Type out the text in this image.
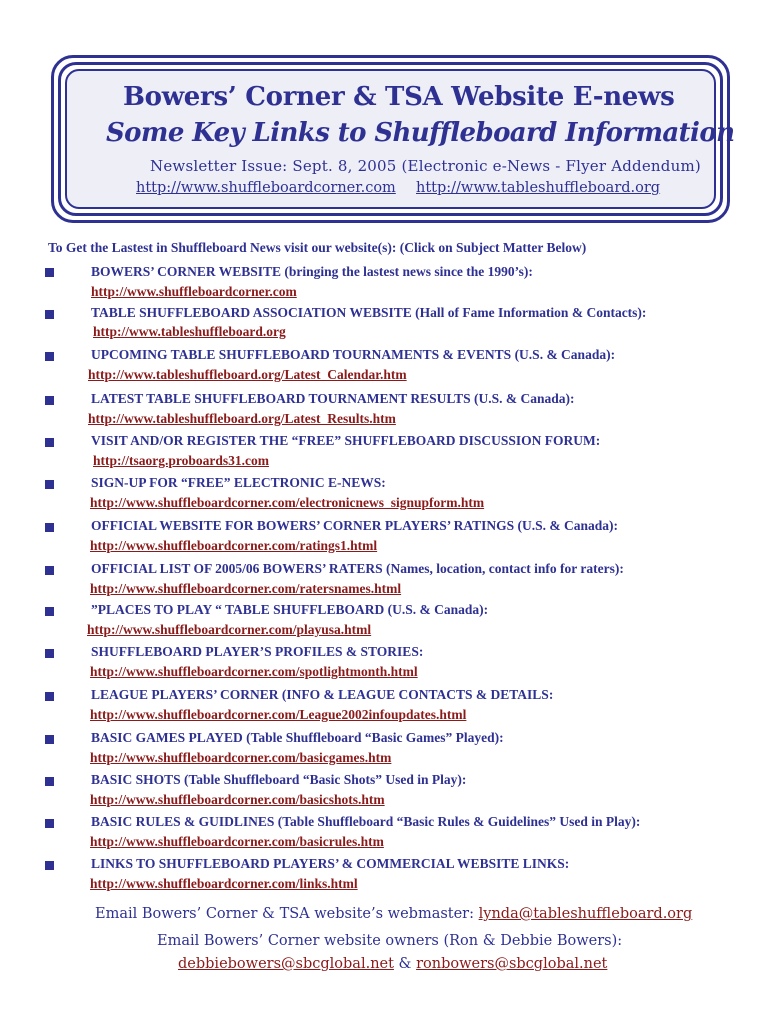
Bowers’ Corner & TSA Website E-news
Some Key Links to Shuffleboard Information

Newsletter Issue: Sept. 8, 2005 (Electronic e-News - Flyer Addendum)

http://www.shuffleboardcorner.com http://www.tableshuffleboard.org

To Get the Lastest in Shuffleboard News visit our website(s): (Click on Subject Matter Below)

BOWERS’ CORNER WEBSITE (bringing the lastest news since the 1990’s):

http://www.shuffleboardcorner.com

TABLE SHUFFLEBOARD ASSOCIATION WEBSITE (Hall of Fame Information & Contacts):

http://www.tableshuffleboard.org

UPCOMING TABLE SHUFFLEBOARD TOURNAMENTS & EVENTS (U.S. & Canada):

http://www.tableshuffleboard.org/Latest_Calendar.htm

LATEST TABLE SHUFFLEBOARD TOURNAMENT RESULTS (U.S. & Canada):

http://www.tableshuffleboard.org/Latest_Results.htm

VISIT AND/OR REGISTER THE “FREE” SHUFFLEBOARD DISCUSSION FORUM:

http://tsaorg.proboards31.com

SIGN-UP FOR “FREE” ELECTRONIC E-NEWS:

http://www.shuffleboardcorner.com/electronicnews_signupform.htm

OFFICIAL WEBSITE FOR BOWERS’ CORNER PLAYERS’ RATINGS (U.S. & Canada):

http://www.shuffleboardcorner.com/ratings1.html

OFFICIAL LIST OF 2005/06 BOWERS’ RATERS (Names, location, contact info for raters):

http://www.shuffleboardcorner.com/ratersnames.html

”PLACES TO PLAY “ TABLE SHUFFLEBOARD (U.S. & Canada):

http://www.shuffleboardcorner.com/playusa.html

SHUFFLEBOARD PLAYER’S PROFILES & STORIES:

http://www.shuffleboardcorner.com/spotlightmonth.html

LEAGUE PLAYERS’ CORNER (INFO & LEAGUE CONTACTS & DETAILS:

http://www.shuffleboardcorner.com/League2002infoupdates.html

BASIC GAMES PLAYED (Table Shuffleboard “Basic Games” Played):

http://www.shuffleboardcorner.com/basicgames.htm

BASIC SHOTS (Table Shuffleboard “Basic Shots” Used in Play):

http://www.shuffleboardcorner.com/basicshots.htm

BASIC RULES & GUIDLINES (Table Shuffleboard “Basic Rules & Guidelines” Used in Play):

http://www.shuffleboardcorner.com/basicrules.htm

LINKS TO SHUFFLEBOARD PLAYERS’ & COMMERCIAL WEBSITE LINKS:

http://www.shuffleboardcorner.com/links.html

Email Bowers’ Corner & TSA website’s webmaster: lynda@tableshuffleboard.org

Email Bowers’ Corner website owners (Ron & Debbie Bowers):

debbiebowers@sbcglobal.net & ronbowers@sbcglobal.net
